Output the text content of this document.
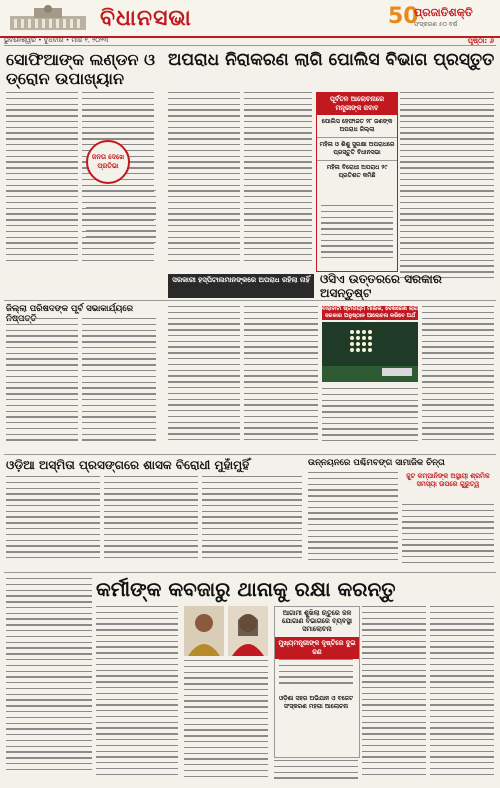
ବିଧାନସଭା	50
ପ୍ରଜାତିଶକ୍ତି
ସଂସ୍କରଣ ୫୦ ବର୍ଷ
ଭୁବନେଶ୍ୱର • ବୁଧବାର • ମାର୍ଚ୍ଚ ୧, ୨୦୨୩	ପୃଷ୍ଠା: ୬
ସୋଫିଆଙ୍କ ଲଣ୍ଡନ ଓ ଡ୍ରୋନ ଉପାଖ୍ୟାନ
ଜନତା ଦେଖେ ପ୍ରତିଭା
ଅପରାଧ ନିରାକରଣ ଲାଗି ପୋଲିସ ବିଭାଗ ପ୍ରସ୍ତୁତ
ପୂର୍ବତନ ଆଲୋଚନାରେ ମନ୍ତ୍ରୀଙ୍କ ଜବାବ
ପୋଲିସ ହେଫାଜତ ୨୮ ଜଣଙ୍କ ଅପରାଧ ଜିଲ୍ଲା
ମହିଳା ଓ ଶିଶୁ ସୁରକ୍ଷା ଅପରାଧରେ ପ୍ରସ୍ତୁତି ବିଧାନସଭା
ମହିଳା ବିରୋଧୀ ଅପରାଧ ୨୯ ପ୍ରତିଶତ କମିଛି
ସରକାରୀ ହସ୍ପିଟାଲମାନଙ୍କରେ ଅପରାଧ ରହିଲା ନାହିଁ ଓସିଏ ଉତ୍ତରରେ ସରକାର ଅସନ୍ତୁଷ୍ଟ
ଜିଲ୍ଲା ପରିଷଦଙ୍କ ପୂର୍ବ ସଭାକାର୍ଯ୍ୟରେ	ବାରାବାଟୀ ଷ୍ଟାଡିୟମ ମାଲିକ, ଦେଖରେଖ ଲାଗି ସରକାର ଅନୁଷ୍ଠାନ ଆଲୋଚନା କରିବେ ଅର୍ଥ
ଓଡ଼ିଆ ଅସ୍ମିତା ପ୍ରସଙ୍ଗରେ ଶାସକ ବିରୋଧୀ ମୁହାଁମୁହିଁ	ଉନ୍ନୟନରେ ପଶ୍ଚିମବଙ୍ଗ ସାମାଜିକ ଚିନ୍ତା
ଜୁଟ କମ୍ପାନିଙ୍କ ଅସ୍ଥାୟୀ ଶ୍ରମିକ ସମସ୍ୟା ଉପରେ ଗୁରୁତ୍ୱ
କର୍ମୀଙ୍କ କବଜାରୁ ଥାନାକୁ ରକ୍ଷା କରନ୍ତୁ
ଆଗାମୀ ଶୁଖିଲା ଋତୁରେ ଜଳ ଯୋଗାଣ ବିଭାଗରେ ବ୍ୟବସ୍ଥା ସମାଲୋଚନା
ମୁଖ୍ୟମନ୍ତ୍ରୀଙ୍କ ଦୃଷ୍ଟିରେ ଦୁଇ ଜଣ
ଓଡ଼ିଶା ସହର ଅଭିଯାନ ଓ ବଜେଟ ସଂସ୍କରଣ ମହଗା ଆଲୋଚନା
